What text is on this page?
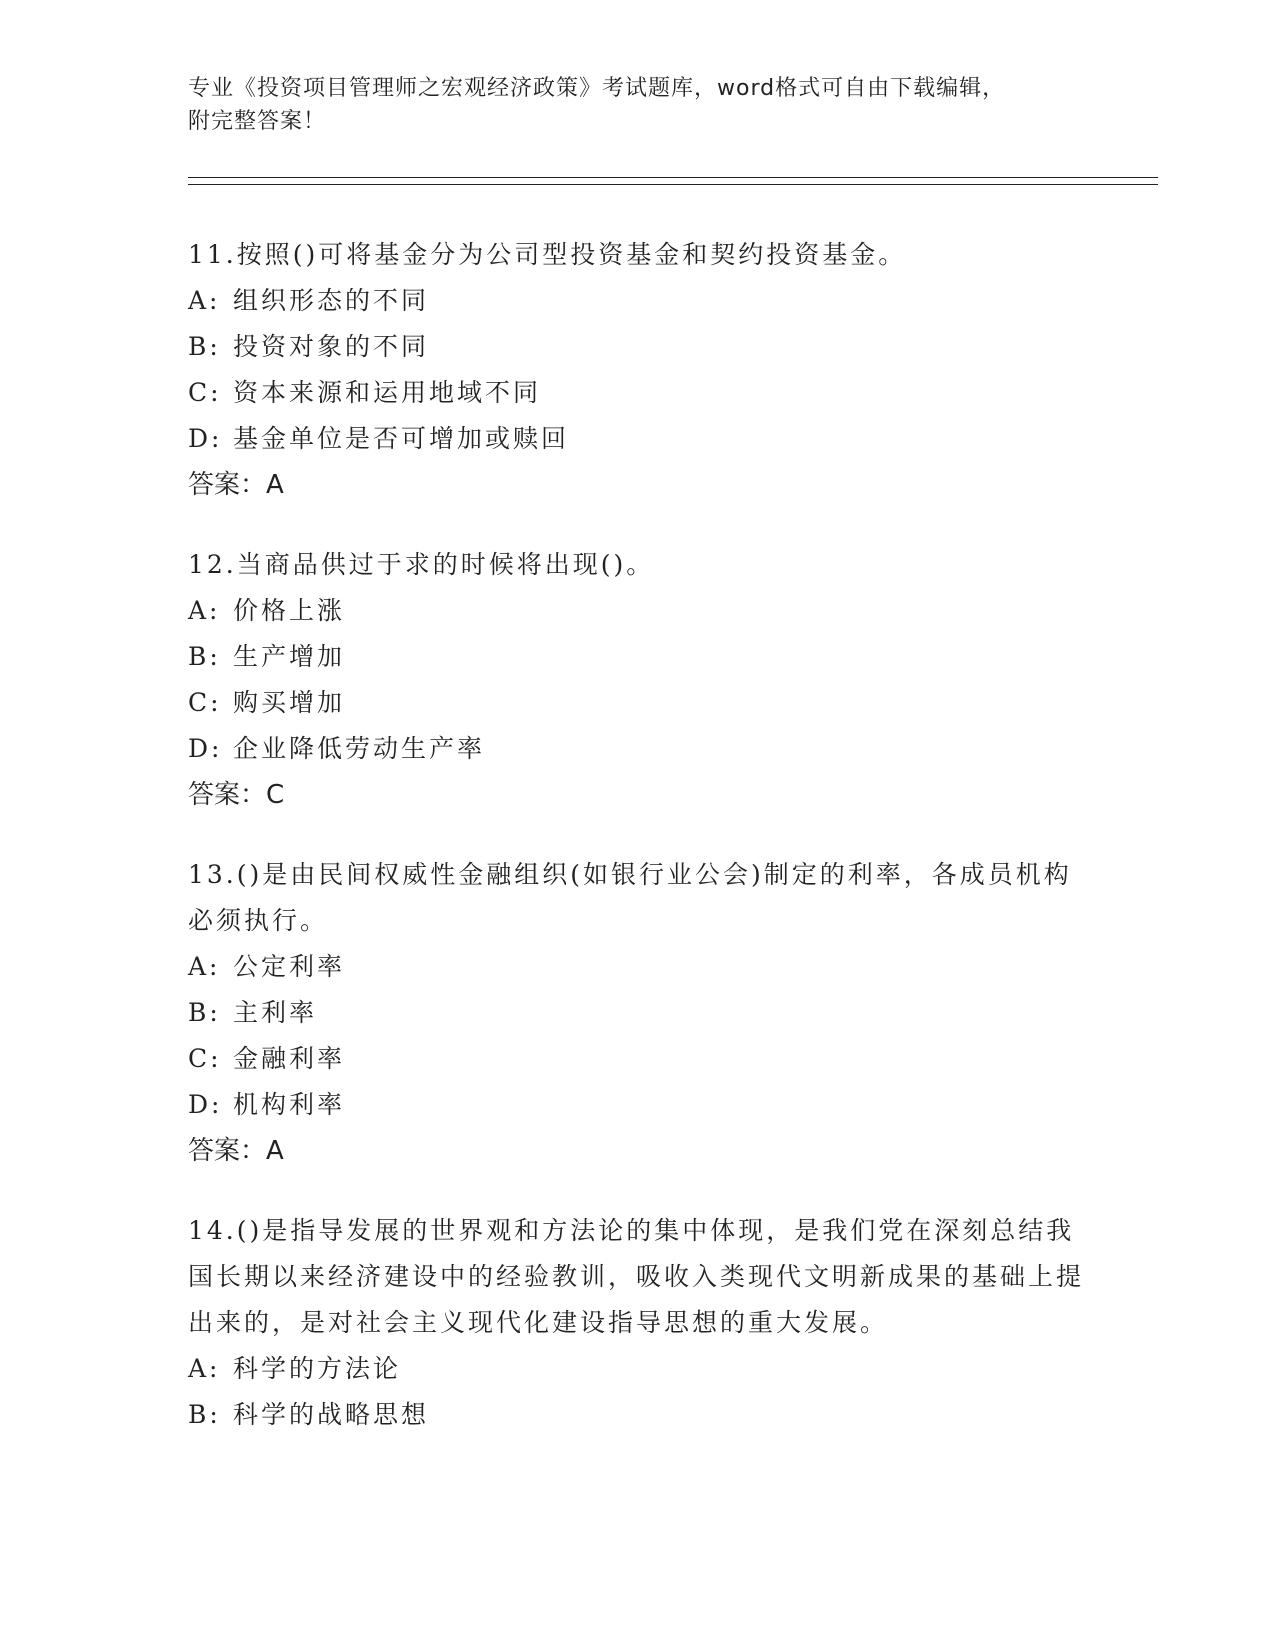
专业《投资项目管理师之宏观经济政策》考试题库，word格式可自由下载编辑，
附完整答案！

11.按照()可将基金分为公司型投资基金和契约投资基金。

A: 组织形态的不同
B: 投资对象的不同
C: 资本来源和运用地域不同
D: 基金单位是否可增加或赎回

答案：A

12.当商品供过于求的时候将出现()。

A: 价格上涨
B: 生产增加
C: 购买增加
D: 企业降低劳动生产率

答案：C

13.()是由民间权威性金融组织(如银行业公会)制定的利率，各成员机构必须执行。

A: 公定利率
B: 主利率
C: 金融利率
D: 机构利率

答案：A

14.()是指导发展的世界观和方法论的集中体现，是我们党在深刻总结我国长期以来经济建设中的经验教训，吸收入类现代文明新成果的基础上提出来的，是对社会主义现代化建设指导思想的重大发展。

A: 科学的方法论
B: 科学的战略思想
